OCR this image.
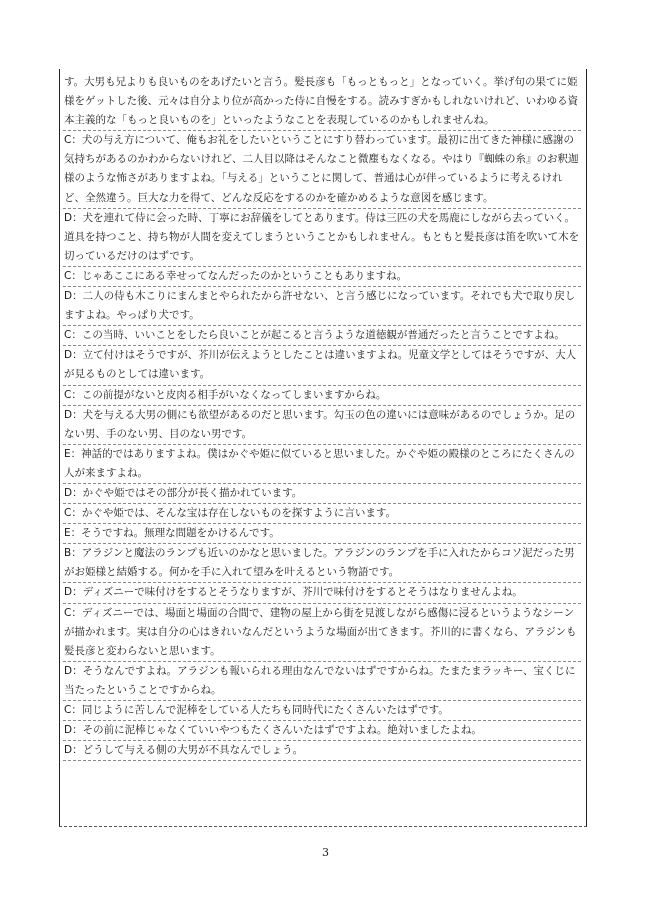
す。大男も兄よりも良いものをあげたいと言う。髪長彦も「もっともっと」となっていく。挙げ句の果てに姫様をゲットした後、元々は自分より位が高かった侍に自慢をする。読みすぎかもしれないけれど、いわゆる資本主義的な「もっと良いものを」といったようなことを表現しているのかもしれませんね。

C：犬の与え方について、俺もお礼をしたいということにすり替わっています。最初に出てきた神様に感謝の気持ちがあるのかわからないけれど、二人目以降はそんなこと微塵もなくなる。やはり『蜘蛛の糸』のお釈迦様のような怖さがありますよね。「与える」ということに関して、普通は心が伴っているように考えるけれど、全然違う。巨大な力を得て、どんな反応をするのかを確かめるような意図を感じます。

D：犬を連れて侍に会った時、丁寧にお辞儀をしてとあります。侍は三匹の犬を馬鹿にしながら去っていく。道具を持つこと、持ち物が人間を変えてしまうということかもしれません。もともと髪長彦は笛を吹いて木を切っているだけのはずです。

C：じゃあここにある幸せってなんだったのかということもありますね。

D：二人の侍も木こりにまんまとやられたから許せない、と言う感じになっています。それでも犬で取り戻しますよね。やっぱり犬です。

C：この当時、いいことをしたら良いことが起こると言うような道徳観が普通だったと言うことですよね。

D：立て付けはそうですが、芥川が伝えようとしたことは違いますよね。児童文学としてはそうですが、大人が見るものとしては違います。

C：この前提がないと皮肉る相手がいなくなってしまいますからね。

D：犬を与える大男の側にも欲望があるのだと思います。勾玉の色の違いには意味があるのでしょうか。足のない男、手のない男、目のない男です。

E：神話的ではありますよね。僕はかぐや姫に似ていると思いました。かぐや姫の殿様のところにたくさんの人が来ますよね。

D：かぐや姫ではその部分が長く描かれています。

C：かぐや姫では、そんな宝は存在しないものを探すように言います。

E：そうですね。無理な問題をかけるんです。

B：アラジンと魔法のランプも近いのかなと思いました。アラジンのランプを手に入れたからコソ泥だった男がお姫様と結婚する。何かを手に入れて望みを叶えるという物語です。

D：ディズニーで味付けをするとそうなりますが、芥川で味付けをするとそうはなりませんよね。

C：ディズニーでは、場面と場面の合間で、建物の屋上から街を見渡しながら感傷に浸るというようなシーンが描かれます。実は自分の心はきれいなんだというような場面が出てきます。芥川的に書くなら、アラジンも髪長彦と変わらないと思います。

D：そうなんですよね。アラジンも報いられる理由なんでないはずですからね。たまたまラッキー、宝くじに当たったということですからね。

C：同じように苦しんで泥棒をしている人たちも同時代にたくさんいたはずです。

D：その前に泥棒じゃなくていいやつもたくさんいたはずですよね。絶対いましたよね。

D：どうして与える側の大男が不具なんでしょう。

3
